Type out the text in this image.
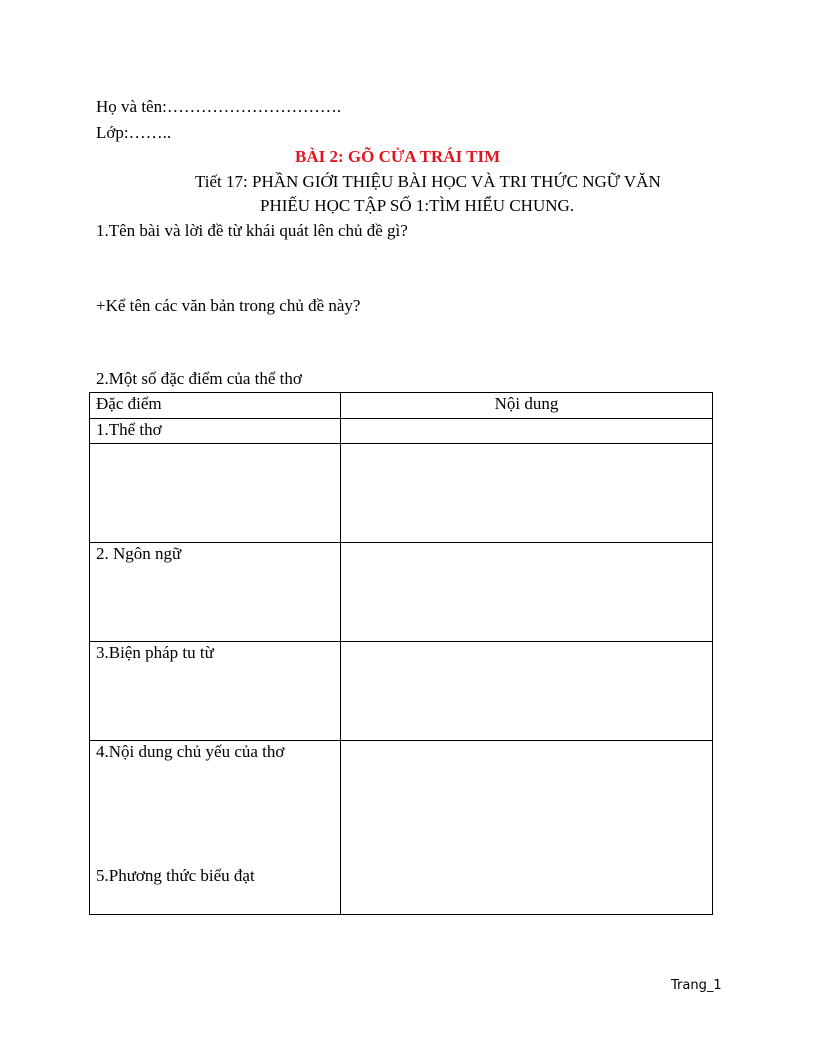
Họ và tên:………………………….
Lớp:……..
BÀI 2: GÕ CỬA TRÁI TIM
Tiết 17: PHẦN GIỚI THIỆU BÀI HỌC VÀ TRI THỨC NGỮ VĂN
PHIẾU HỌC TẬP SỐ 1:TÌM HIỂU CHUNG.
1.Tên bài và lời đề từ khái quát lên chủ đề gì?
+Kể tên các văn bản trong chủ đề này?
2.Một số đặc điểm của thể thơ
Đặc điểm	Nội dung
1.Thể thơ	

2. Ngôn ngữ	
3.Biện pháp tu từ	
4.Nội dung chủ yếu của thơ
5.Phương thức biểu đạt	

Trang_1
